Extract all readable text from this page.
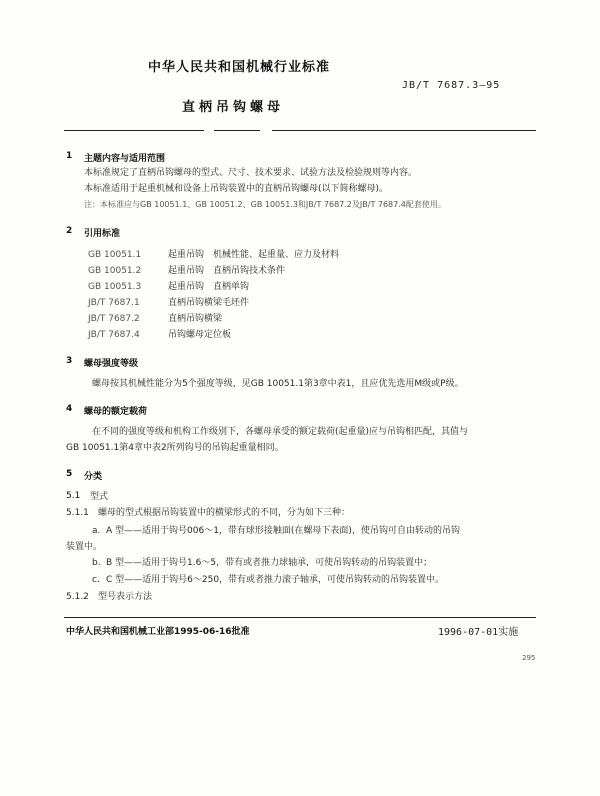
中华人民共和国机械行业标准
JB/T 7687.3—95
直柄吊钩螺母
1 主题内容与适用范围
本标准规定了直柄吊钩螺母的型式、尺寸、技术要求、试验方法及检验规则等内容。
本标准适用于起重机械和设备上吊钩装置中的直柄吊钩螺母(以下简称螺母)。
注：本标准应与GB 10051.1、GB 10051.2、GB 10051.3和JB/T 7687.2及JB/T 7687.4配套使用。
2 引用标准
GB 10051.1	起重吊钩　机械性能、起重量、应力及材料
GB 10051.2	起重吊钩　直柄吊钩技术条件
GB 10051.3	起重吊钩　直柄单钩
JB/T 7687.1	直柄吊钩横梁毛坯件
JB/T 7687.2	直柄吊钩横梁
JB/T 7687.4	吊钩螺母定位板
3 螺母强度等级
螺母按其机械性能分为5个强度等级，见GB 10051.1第3章中表1，且应优先选用M级或P级。
4 螺母的额定载荷
在不同的强度等级和机构工作级别下，各螺母承受的额定载荷(起重量)应与吊钩相匹配，其值与
GB 10051.1第4章中表2所列钩号的吊钩起重量相同。
5 分类
5.1 型式
5.1.1 螺母的型式根据吊钩装置中的横梁形式的不同，分为如下三种：
a. A 型——适用于钩号006～1，带有球形接触面(在螺母下表面)，使吊钩可自由转动的吊钩
装置中。
b. B 型——适用于钩号1.6～5，带有或者推力球轴承，可使吊钩转动的吊钩装置中；
c. C 型——适用于钩号6～250，带有或者推力滚子轴承，可使吊钩转动的吊钩装置中。
5.1.2 型号表示方法
中华人民共和国机械工业部1995-06-16批准	1996-07-01实施
295
